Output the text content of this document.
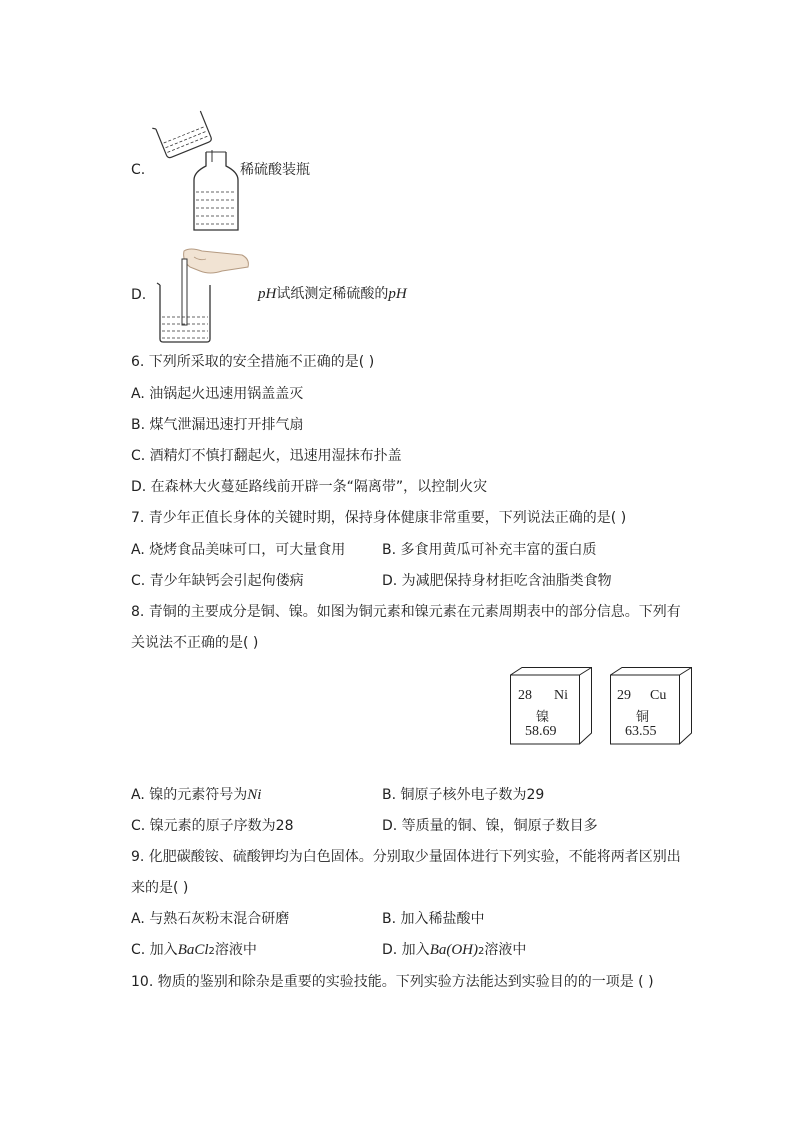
C.	稀硫酸装瓶
D.	pH试纸测定稀硫酸的pH
6. 下列所采取的安全措施不正确的是( )
A. 油锅起火迅速用锅盖盖灭
B. 煤气泄漏迅速打开排气扇
C. 酒精灯不慎打翻起火，迅速用湿抹布扑盖
D. 在森林大火蔓延路线前开辟一条“隔离带”，以控制火灾
7. 青少年正值长身体的关键时期，保持身体健康非常重要，下列说法正确的是( )
A. 烧烤食品美味可口，可大量食用	B. 多食用黄瓜可补充丰富的蛋白质
C. 青少年缺钙会引起佝偻病	D. 为减肥保持身材拒吃含油脂类食物
8. 青铜的主要成分是铜、镍。如图为铜元素和镍元素在元素周期表中的部分信息。下列有
关说法不正确的是( )
28 Ni
镍
58.69
29 Cu
铜
63.55
A. 镍的元素符号为Ni	B. 铜原子核外电子数为29
C. 镍元素的原子序数为28	D. 等质量的铜、镍，铜原子数目多
9. 化肥碳酸铵、硫酸钾均为白色固体。分别取少量固体进行下列实验，不能将两者区别出
来的是( )
A. 与熟石灰粉末混合研磨	B. 加入稀盐酸中
C. 加入BaCl2溶液中	D. 加入Ba(OH)2溶液中
10. 物质的鉴别和除杂是重要的实验技能。下列实验方法能达到实验目的的一项是 ( )
